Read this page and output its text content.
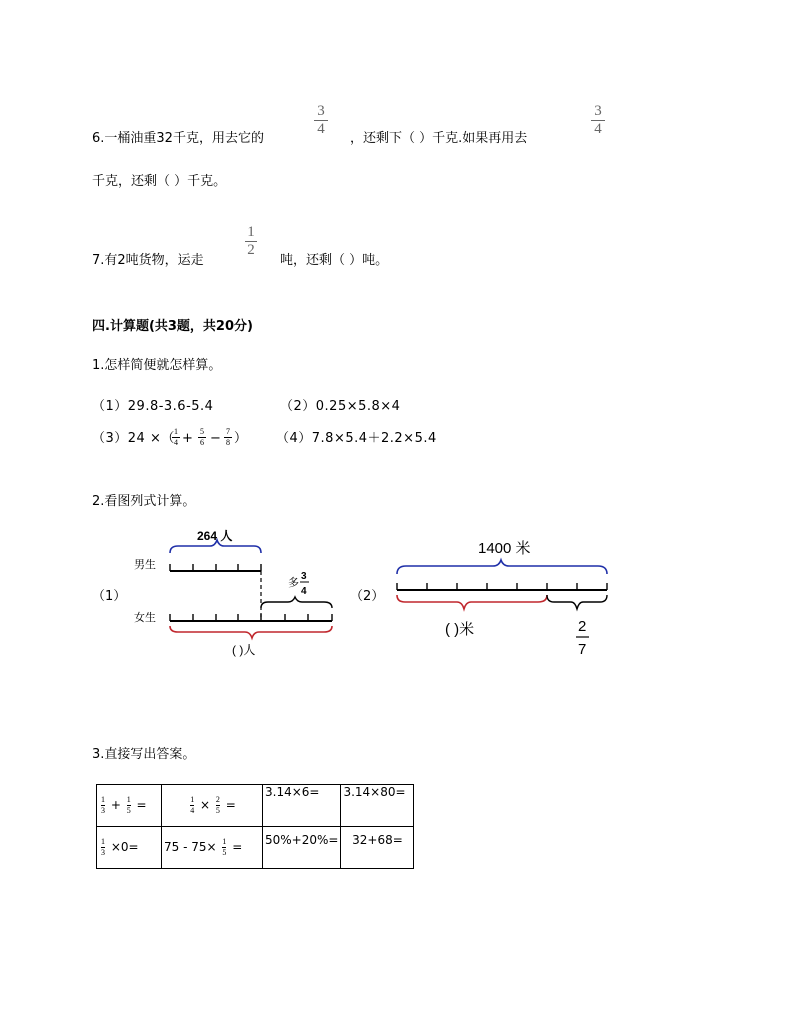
6.一桶油重32千克，用去它的
3
4
，还剩下（ ）千克.如果再用去
3
4
千克，还剩（ ）千克。
7.有2吨货物，运走
1
2
吨，还剩（ ）吨。
四.计算题(共3题，共20分)
1.怎样简便就怎样算。
（1）29.8-3.6-5.4	（2）0.25×5.8×4
（3）24 ×（ 1
4 + 5
6 − 7
8 ） （4）7.8×5.4＋2.2×5.4
2.看图列式计算。
（1）
264 人
男生
多
3
4
女生
( )人
（2）
1400 米
( )米	2
7
3.直接写出答案。
$\frac{1}{3} + \frac{1}{5}$ =	$\frac{1}{4} \times \frac{2}{5}$ =	3.14×6=	3.14×80=
$\frac{1}{3} \times 0=$	$75 - 75\times \frac{1}{5}$ =	50%+20%=	32+68=
